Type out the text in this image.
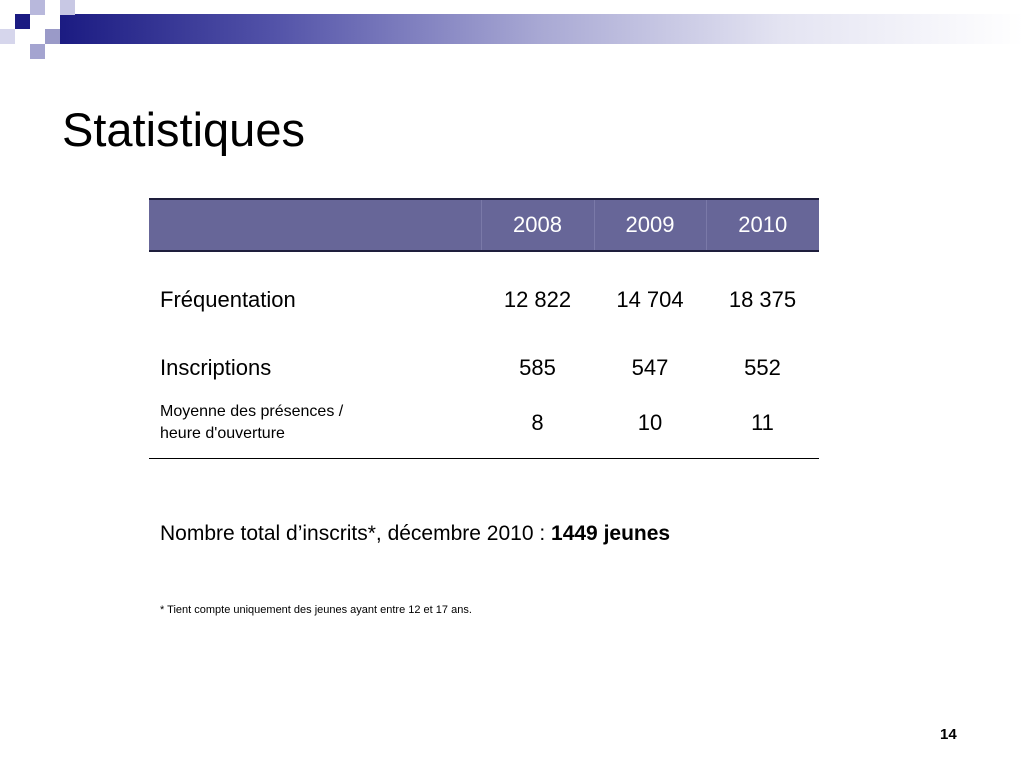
Statistiques
	2008	2009	2010
Fréquentation	12 822	14 704	18 375
Inscriptions	585	547	552

Moyenne des présences /
heure d'ouverture	8	10	11
Nombre total d’inscrits*, décembre 2010 : 1449 jeunes
* Tient compte uniquement des jeunes ayant entre 12 et 17 ans.
14
